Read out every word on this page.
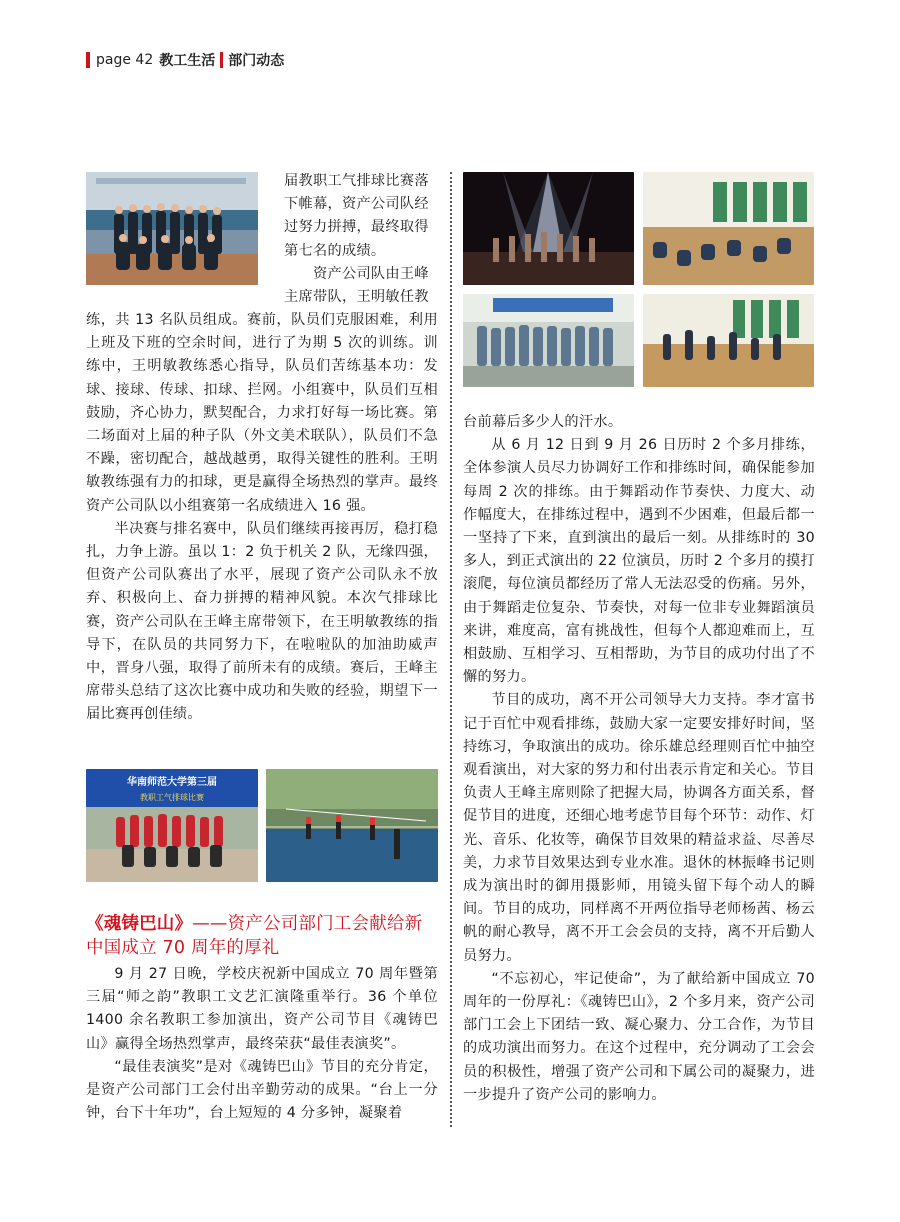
page 42 教工生活 部门动态
届教职工气排球比赛落
下帷幕，资产公司队经
过努力拼搏，最终取得
第七名的成绩。
　　资产公司队由王峰
主席带队，王明敏任教

练，共 13 名队员组成。赛前，队员们克服困难，利用上班及下班的空余时间，进行了为期 5 次的训练。训练中，王明敏教练悉心指导，队员们苦练基本功：发球、接球、传球、扣球、拦网。小组赛中，队员们互相鼓励，齐心协力，默契配合，力求打好每一场比赛。第二场面对上届的种子队（外文美术联队），队员们不急不躁，密切配合，越战越勇，取得关键性的胜利。王明敏教练强有力的扣球，更是赢得全场热烈的掌声。最终资产公司队以小组赛第一名成绩进入 16 强。

半决赛与排名赛中，队员们继续再接再厉，稳打稳扎，力争上游。虽以 1：2 负于机关 2 队，无缘四强，但资产公司队赛出了水平，展现了资产公司队永不放弃、积极向上、奋力拼搏的精神风貌。本次气排球比赛，资产公司队在王峰主席带领下，在王明敏教练的指导下，在队员的共同努力下，在啦啦队的加油助威声中，晋身八强，取得了前所未有的成绩。赛后，王峰主席带头总结了这次比赛中成功和失败的经验，期望下一届比赛再创佳绩。

华南师范大学第三届
教职工气排球比赛
《魂铸巴山》——资产公司部门工会献给新中国成立 70 周年的厚礼

9 月 27 日晚，学校庆祝新中国成立 70 周年暨第三届“师之韵”教职工文艺汇演隆重举行。36 个单位 1400 余名教职工参加演出，资产公司节目《魂铸巴山》赢得全场热烈掌声，最终荣获“最佳表演奖”。

“最佳表演奖”是对《魂铸巴山》节目的充分肯定，是资产公司部门工会付出辛勤劳动的成果。“台上一分钟，台下十年功”，台上短短的 4 分多钟，凝聚着

台前幕后多少人的汗水。

从 6 月 12 日到 9 月 26 日历时 2 个多月排练，全体参演人员尽力协调好工作和排练时间，确保能参加每周 2 次的排练。由于舞蹈动作节奏快、力度大、动作幅度大，在排练过程中，遇到不少困难，但最后都一一坚持了下来，直到演出的最后一刻。从排练时的 30 多人，到正式演出的 22 位演员，历时 2 个多月的摸打滚爬，每位演员都经历了常人无法忍受的伤痛。另外，由于舞蹈走位复杂、节奏快，对每一位非专业舞蹈演员来讲，难度高，富有挑战性，但每个人都迎难而上，互相鼓励、互相学习、互相帮助，为节目的成功付出了不懈的努力。

节目的成功，离不开公司领导大力支持。李才富书记于百忙中观看排练，鼓励大家一定要安排好时间，坚持练习，争取演出的成功。徐乐雄总经理则百忙中抽空观看演出，对大家的努力和付出表示肯定和关心。节目负责人王峰主席则除了把握大局，协调各方面关系，督促节目的进度，还细心地考虑节目每个环节：动作、灯光、音乐、化妆等，确保节目效果的精益求益、尽善尽美，力求节目效果达到专业水准。退休的林振峰书记则成为演出时的御用摄影师，用镜头留下每个动人的瞬间。节目的成功，同样离不开两位指导老师杨茜、杨云帆的耐心教导，离不开工会会员的支持，离不开后勤人员努力。

“不忘初心，牢记使命”，为了献给新中国成立 70 周年的一份厚礼：《魂铸巴山》，2 个多月来，资产公司部门工会上下团结一致、凝心聚力、分工合作，为节目的成功演出而努力。在这个过程中，充分调动了工会会员的积极性，增强了资产公司和下属公司的凝聚力，进一步提升了资产公司的影响力。
